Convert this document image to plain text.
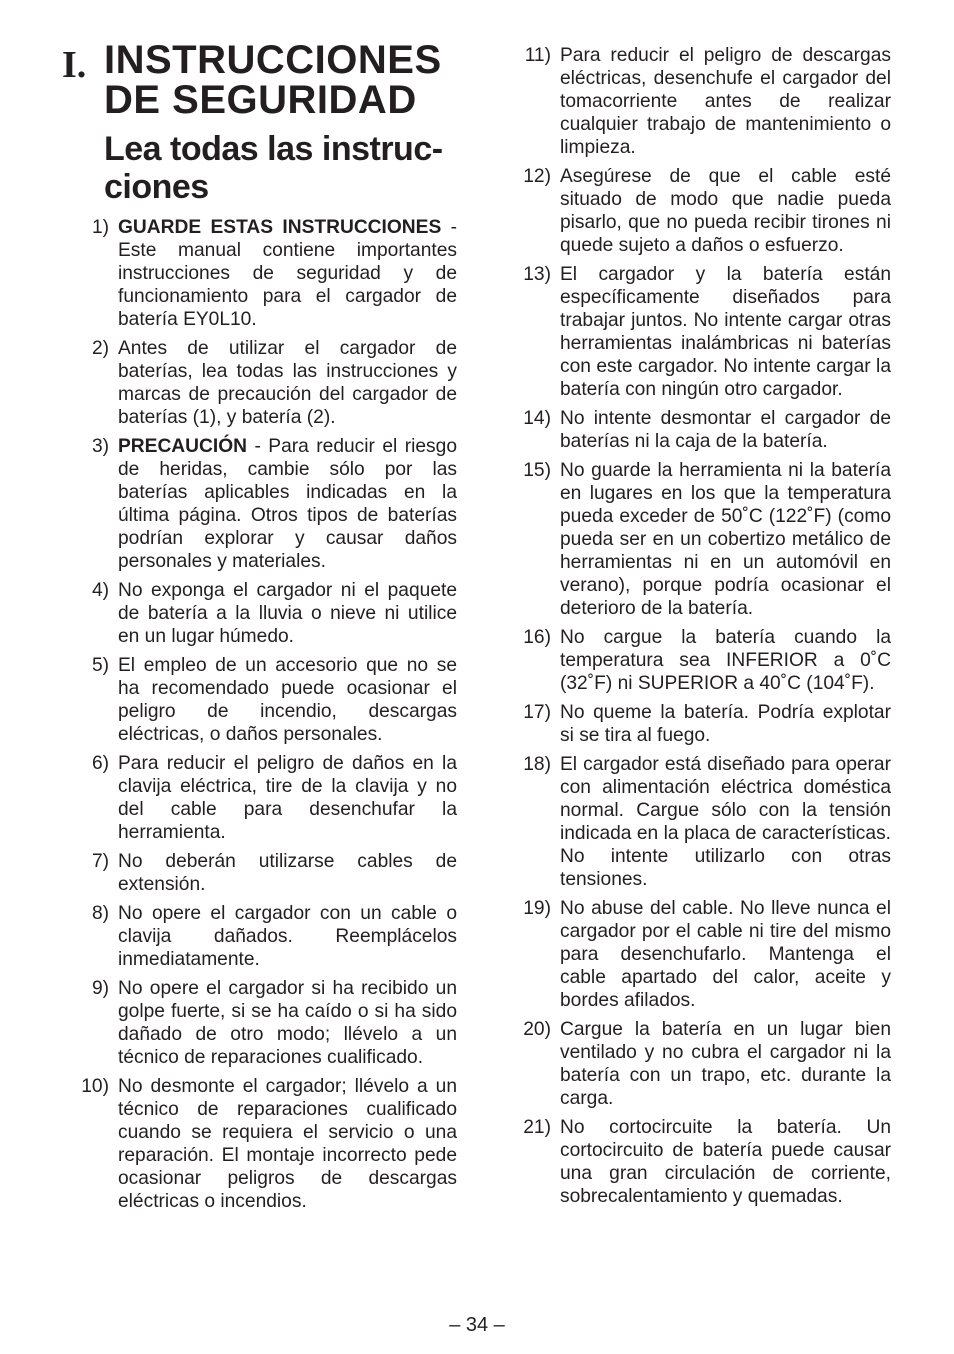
I. INSTRUCCIONES
DE SEGURIDAD
Lea todas las instruc-
ciones
1) GUARDE ESTAS INSTRUCCIONES - Este manual contiene importantes instrucciones de seguridad y de funcionamiento para el cargador de batería EY0L10.
2) Antes de utilizar el cargador de baterías, lea todas las instrucciones y marcas de precaución del cargador de baterías (1), y batería (2).
3) PRECAUCIÓN - Para reducir el riesgo de heridas, cambie sólo por las baterías aplicables indicadas en la última página. Otros tipos de baterías podrían explorar y causar daños personales y materiales.
4) No exponga el cargador ni el paquete de batería a la lluvia o nieve ni utilice en un lugar húmedo.
5) El empleo de un accesorio que no se ha recomendado puede ocasionar el peligro de incendio, descargas eléctricas, o daños personales.
6) Para reducir el peligro de daños en la clavija eléctrica, tire de la clavija y no del cable para desenchufar la herramienta.
7) No deberán utilizarse cables de extensión.
8) No opere el cargador con un cable o clavija dañados. Reemplácelos inmediatamente.
9) No opere el cargador si ha recibido un golpe fuerte, si se ha caído o si ha sido dañado de otro modo; llévelo a un técnico de reparaciones cualificado.
10) No desmonte el cargador; llévelo a un técnico de reparaciones cualificado cuando se requiera el servicio o una reparación. El montaje incorrecto pede ocasionar peligros de descargas eléctricas o incendios.
11) Para reducir el peligro de descargas eléctricas, desenchufe el cargador del tomacorriente antes de realizar cualquier trabajo de mantenimiento o limpieza.
12) Asegúrese de que el cable esté situado de modo que nadie pueda pisarlo, que no pueda recibir tirones ni quede sujeto a daños o esfuerzo.
13) El cargador y la batería están específicamente diseñados para trabajar juntos. No intente cargar otras herramientas inalámbricas ni baterías con este cargador. No intente cargar la batería con ningún otro cargador.
14) No intente desmontar el cargador de baterías ni la caja de la batería.
15) No guarde la herramienta ni la batería en lugares en los que la temperatura pueda exceder de 50˚C (122˚F) (como pueda ser en un cobertizo metálico de herramientas ni en un automóvil en verano), porque podría ocasionar el deterioro de la batería.
16) No cargue la batería cuando la temperatura sea INFERIOR a 0˚C (32˚F) ni SUPERIOR a 40˚C (104˚F).
17) No queme la batería. Podría explotar si se tira al fuego.
18) El cargador está diseñado para operar con alimentación eléctrica doméstica normal. Cargue sólo con la tensión indicada en la placa de características. No intente utilizarlo con otras tensiones.
19) No abuse del cable. No lleve nunca el cargador por el cable ni tire del mismo para desenchufarlo. Mantenga el cable apartado del calor, aceite y bordes afilados.
20) Cargue la batería en un lugar bien ventilado y no cubra el cargador ni la batería con un trapo, etc. durante la carga.
21) No cortocircuite la batería. Un cortocircuito de batería puede causar una gran circulación de corriente, sobrecalentamiento y quemadas.
– 34 –
